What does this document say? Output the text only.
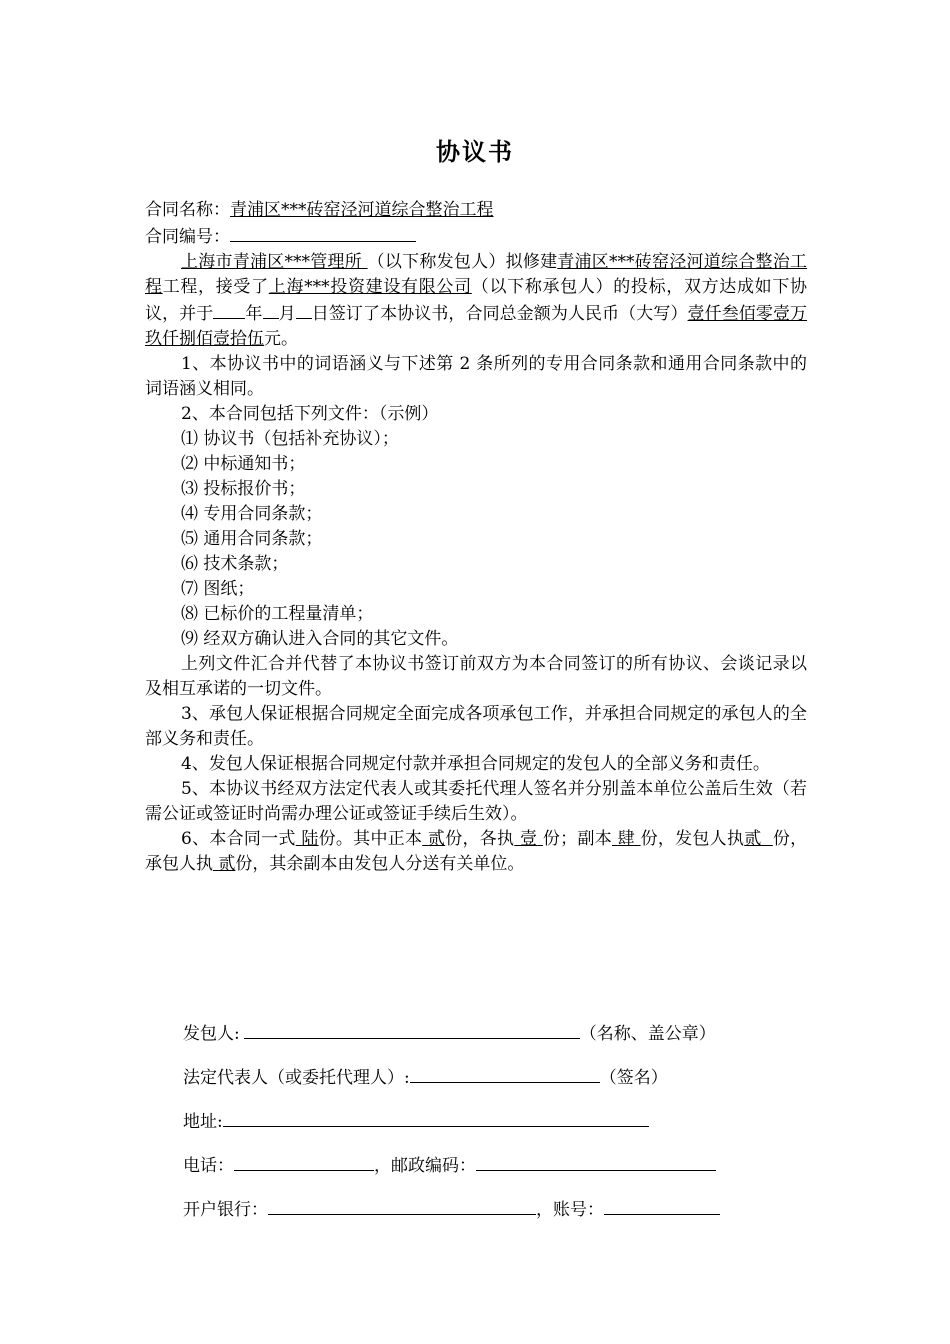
协议书

合同名称：青浦区***砖窑泾河道综合整治工程

合同编号：

上海市青浦区***管理所 （以下称发包人）拟修建青浦区***砖窑泾河道综合整治工程工程，接受了上海***投资建设有限公司（以下称承包人）的投标，双方达成如下协议，并于 年 月 日签订了本协议书，合同总金额为人民币（大写）壹仟叁佰零壹万玖仟捌佰壹拾伍元。

1、本协议书中的词语涵义与下述第 2 条所列的专用合同条款和通用合同条款中的词语涵义相同。

2、本合同包括下列文件：（示例）

⑴ 协议书（包括补充协议）；

⑵ 中标通知书；

⑶ 投标报价书；

⑷ 专用合同条款；

⑸ 通用合同条款；

⑹ 技术条款；

⑺ 图纸；

⑻ 已标价的工程量清单；

⑼ 经双方确认进入合同的其它文件。

上列文件汇合并代替了本协议书签订前双方为本合同签订的所有协议、会谈记录以及相互承诺的一切文件。

3、承包人保证根据合同规定全面完成各项承包工作，并承担合同规定的承包人的全部义务和责任。

4、发包人保证根据合同规定付款并承担合同规定的发包人的全部义务和责任。

5、本协议书经双方法定代表人或其委托代理人签名并分别盖本单位公盖后生效（若需公证或签证时尚需办理公证或签证手续后生效）。

6、本合同一式 陆份。其中正本 贰份，各执 壹 份；副本 肆 份，发包人执贰 份，承包人执 贰份，其余副本由发包人分送有关单位。

发包人:	（名称、盖公章）
法定代表人（或委托代理人）:	（签名）
地址:
电话：	，邮政编码：
开户银行：	，账号：
